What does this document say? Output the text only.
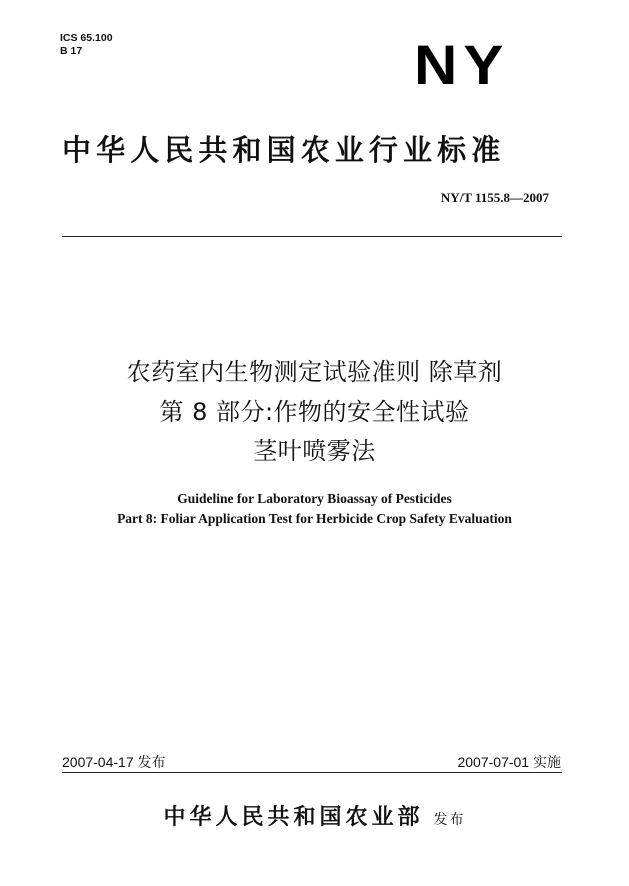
ICS 65.100
B 17	NY
中华人民共和国农业行业标准
NY/T 1155.8—2007
农药室内生物测定试验准则 除草剂
第 8 部分:作物的安全性试验
茎叶喷雾法
Guideline for Laboratory Bioassay of Pesticides
Part 8: Foliar Application Test for Herbicide Crop Safety Evaluation
2007-04-17 发布	2007-07-01 实施
中华人民共和国农业部 发布
